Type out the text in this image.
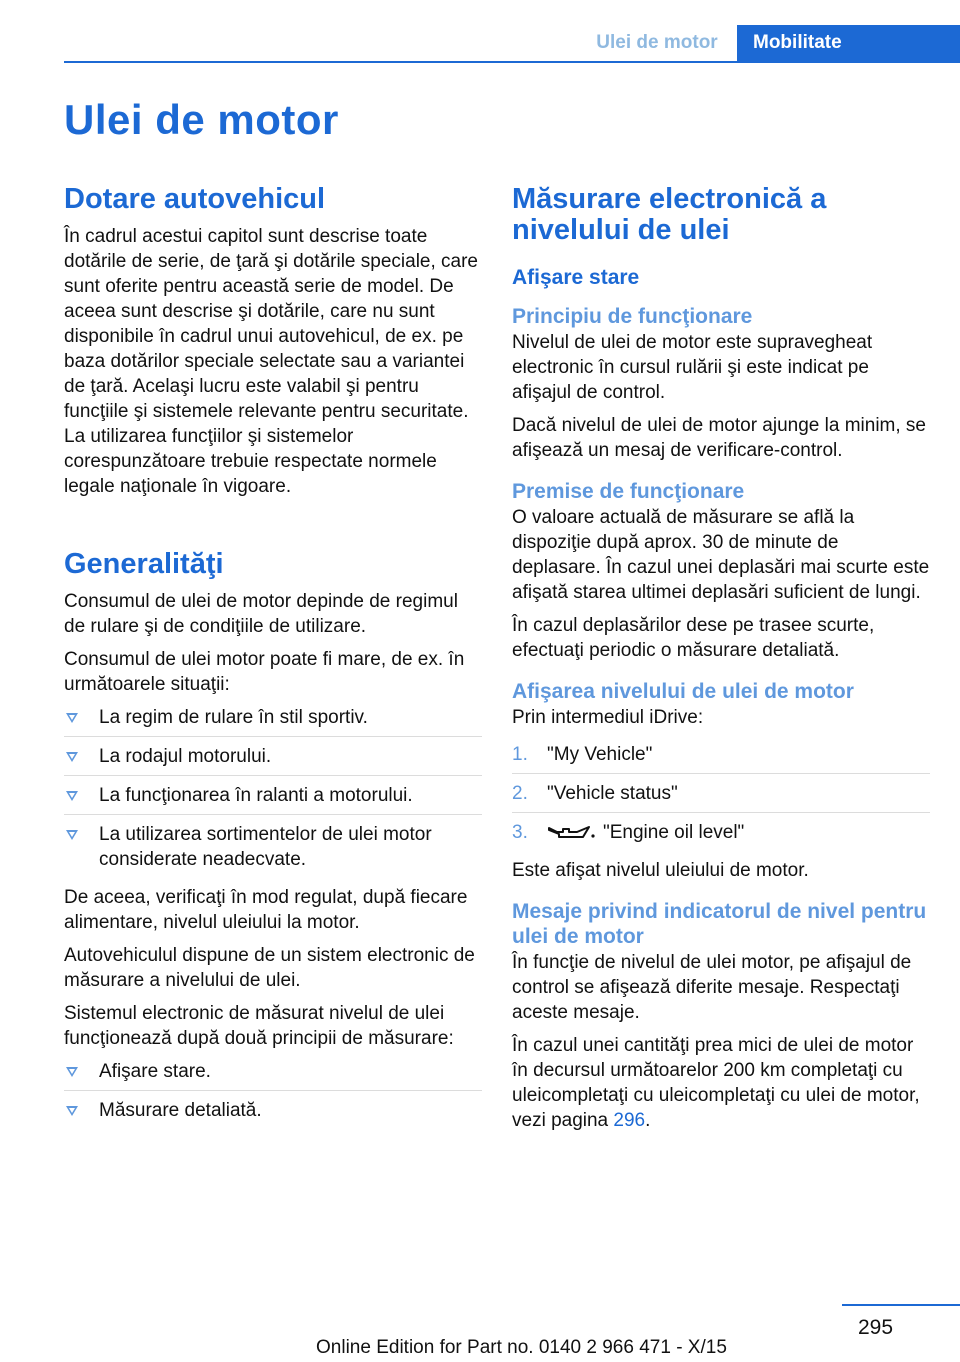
Ulei de motor	Mobilitate
Ulei de motor
Dotare autovehicul

În cadrul acestui capitol sunt descrise toate dotările de serie, de ţară şi dotările speciale, care sunt oferite pentru această serie de model. De aceea sunt descrise şi dotările, care nu sunt disponibile în cadrul unui autovehicul, de ex. pe baza dotărilor speciale selectate sau a variantei de ţară. Acelaşi lucru este valabil şi pentru funcţiile şi sistemele relevante pentru securitate. La utilizarea funcţiilor şi sistemelor corespunzătoare trebuie respectate normele legale naţionale în vigoare.

Generalităţi

Consumul de ulei de motor depinde de regimul de rulare şi de condiţiile de utilizare.

Consumul de ulei motor poate fi mare, de ex. în următoarele situaţii:

La regim de rulare în stil sportiv.
La rodajul motorului.
La funcţionarea în ralanti a motorului.
La utilizarea sortimentelor de ulei motor considerate neadecvate.

De aceea, verificaţi în mod regulat, după fiecare alimentare, nivelul uleiului la motor.

Autovehiculul dispune de un sistem electronic de măsurare a nivelului de ulei.

Sistemul electronic de măsurat nivelul de ulei funcţionează după două principii de măsurare:

Afişare stare.
Măsurare detaliată.
Măsurare electronică a nivelului de ulei
Afişare stare
Principiu de funcţionare

Nivelul de ulei de motor este supravegheat electronic în cursul rulării şi este indicat pe afişajul de control.

Dacă nivelul de ulei de motor ajunge la minim, se afişează un mesaj de verificare-control.

Premise de funcţionare

O valoare actuală de măsurare se află la dispoziţie după aprox. 30 de minute de deplasare. În cazul unei deplasări mai scurte este afişată starea ultimei deplasări suficient de lungi.

În cazul deplasărilor dese pe trasee scurte, efectuaţi periodic o măsurare detaliată.

Afişarea nivelului de ulei de motor

Prin intermediul iDrive:

1. "My Vehicle"
2. "Vehicle status"
3.	"Engine oil level"

Este afişat nivelul uleiului de motor.

Mesaje privind indicatorul de nivel pentru ulei de motor

În funcţie de nivelul de ulei motor, pe afişajul de control se afişează diferite mesaje. Respectaţi aceste mesaje.

În cazul unei cantităţi prea mici de ulei de motor în decursul următoarelor 200 km completaţi cu uleicompletaţi cu uleicompletaţi cu ulei de motor, vezi pagina 296.

295
Online Edition for Part no. 0140 2 966 471 - X/15
